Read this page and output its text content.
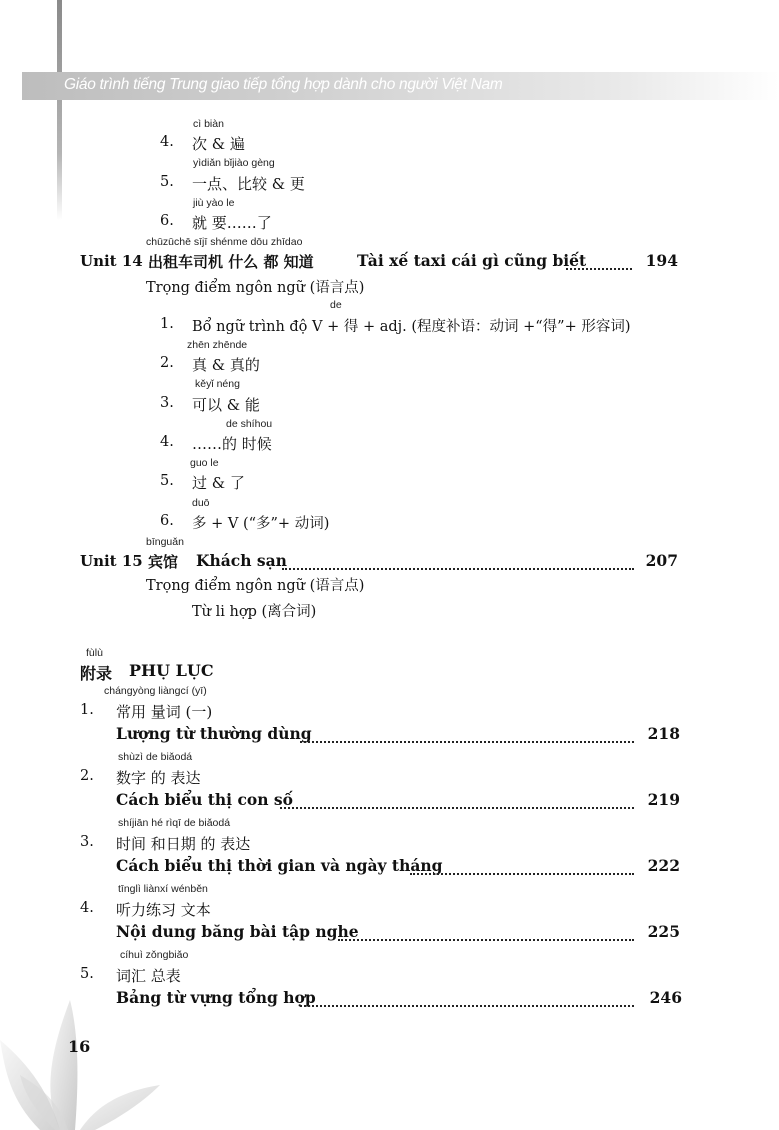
Giáo trình tiếng Trung giao tiếp tổng hợp dành cho người Việt Nam
cì biàn
4. 次 & 遍
yìdiǎn bǐjiào gèng
5. 一点、比较 & 更
jiù yào le
6. 就 要……了
chūzūchē sījī shénme dōu zhīdao
Unit 14 出租车司机 什么 都 知道	Tài xế taxi cái gì cũng biết	194
Trọng điểm ngôn ngữ (语言点)
de
1. Bổ ngữ trình độ V + 得 + adj. (程度补语：动词 +“得”+ 形容词)
zhēn zhēnde
2. 真 & 真的
kěyǐ néng
3. 可以 & 能
de shíhou
4. ……的 时候
guo le
5. 过 & 了
duō
6. 多 + V (“多”+ 动词)
bīnguǎn
Unit 15 宾馆 Khách sạn	207
Trọng điểm ngôn ngữ (语言点)
Từ li hợp (离合词)
fùlù
附录 PHỤ LỤC
chángyòng liàngcí (yī)
1. 常用 量词 (一)
Lượng từ thường dùng	218
shùzì de biǎodá
2. 数字 的 表达
Cách biểu thị con số	219
shíjiān hé rìqī de biǎodá
3. 时间 和日期 的 表达
Cách biểu thị thời gian và ngày tháng	222
tīnglì liànxí wénběn
4. 听力练习 文本
Nội dung băng bài tập nghe	225
cíhuì zǒngbiǎo
5. 词汇 总表
Bảng từ vựng tổng hợp	246
16
